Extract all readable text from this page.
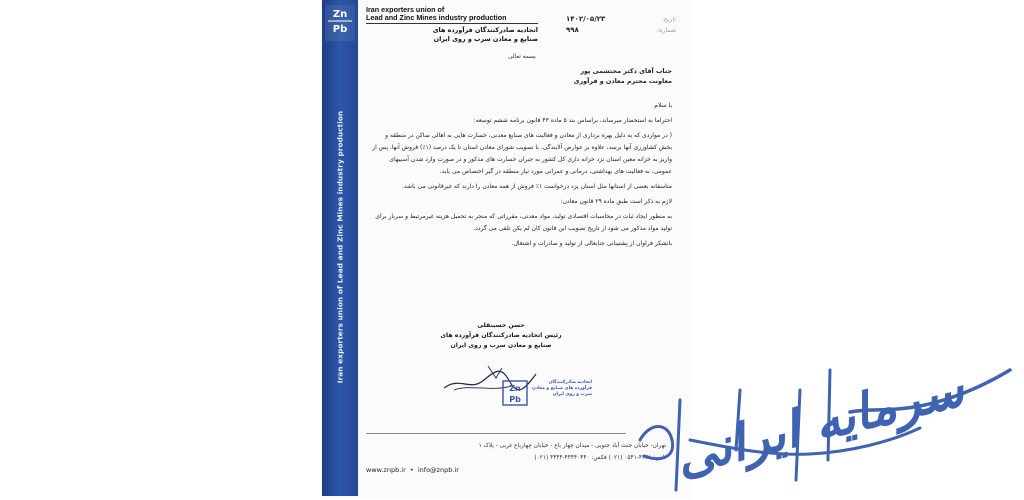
Zn
Pb
Iran exporters union of Lead and Zinc Mines industry production
Iran exporters union of
Lead and Zinc Mines industry production
اتحادیه صادرکنندگان فرآورده های
صنایع و معادن سرب و روی ایران
تاریخ:
۱۴۰۲/۰۵/۲۳
شماره:
۹۹۸
بسمه تعالی
جناب آقای دکتر محتشمی پور
معاونت محترم معادن و فرآوری
با سلام
احتراما به استحضار میرساند، براساس بند ۵ ماده ۴۳ قانون برنامه ششم توسعه:
( در مواردی که به دلیل بهره برداری از معادن و فعالیت های صنایع معدنی، خسارت هایی به اهالی ساکن در منطقه و بخش کشاورزی آنها برسد، علاوه بر عوارض آلایندگی، با تصویب شورای معادن استان تا یک درصد (۱٪) فروش آنها، پس از واریز به خزانه معین استان نزد خزانه داری کل کشور به جبران خسارت های مذکور و در صورت وارد شدن آسیبهای عمومی، به فعالیت های بهداشتی، درمانی و عمرانی مورد نیاز منطقه در گیر اختصاص می یابد.
متاسفانه بعضی از استانها مثل استان یزد درخواست ۱٪ فروش از همه معادن را دارند که غیرقانونی می باشد.
لازم به ذکر است طبق ماده ۲۹ قانون معادن:
به منظور ایجاد ثبات در محاسبات اقتصادی تولید، مواد معدنی، مقرراتی که منجر به تحمیل هزینه غیرمرتبط و سربار برای تولید مواد مذکور می شود از تاریخ تصویب این قانون کان لم یکن تلقی می گردد.
باتشکر فراوان از پشتیبانی جنابعالی از تولید و صادرات و اشتغال.
حسن حسینقلی
رئیس اتحادیه صادرکنندگان فرآورده های
صنایع و معادن سرب و روی ایران
Zn
Pb
اتحادیه صادرکنندگان
فرآورده های صنایع و معادن
سرب و روی ایران
تهران- خیابان جنت آباد جنوبی - میدان چهار باغ - خیابان چهارباغ غربی - پلاک ۱
تلفن: ۴۴۴۱-۰۵۴۱ (۰۲۱) فکس: ۴۴۴۴۰۴۴۰-۴۴۴۴ (۰۲۱)
www.znpb.ir  •  info@znpb.ir	سرمایه ایرانی
